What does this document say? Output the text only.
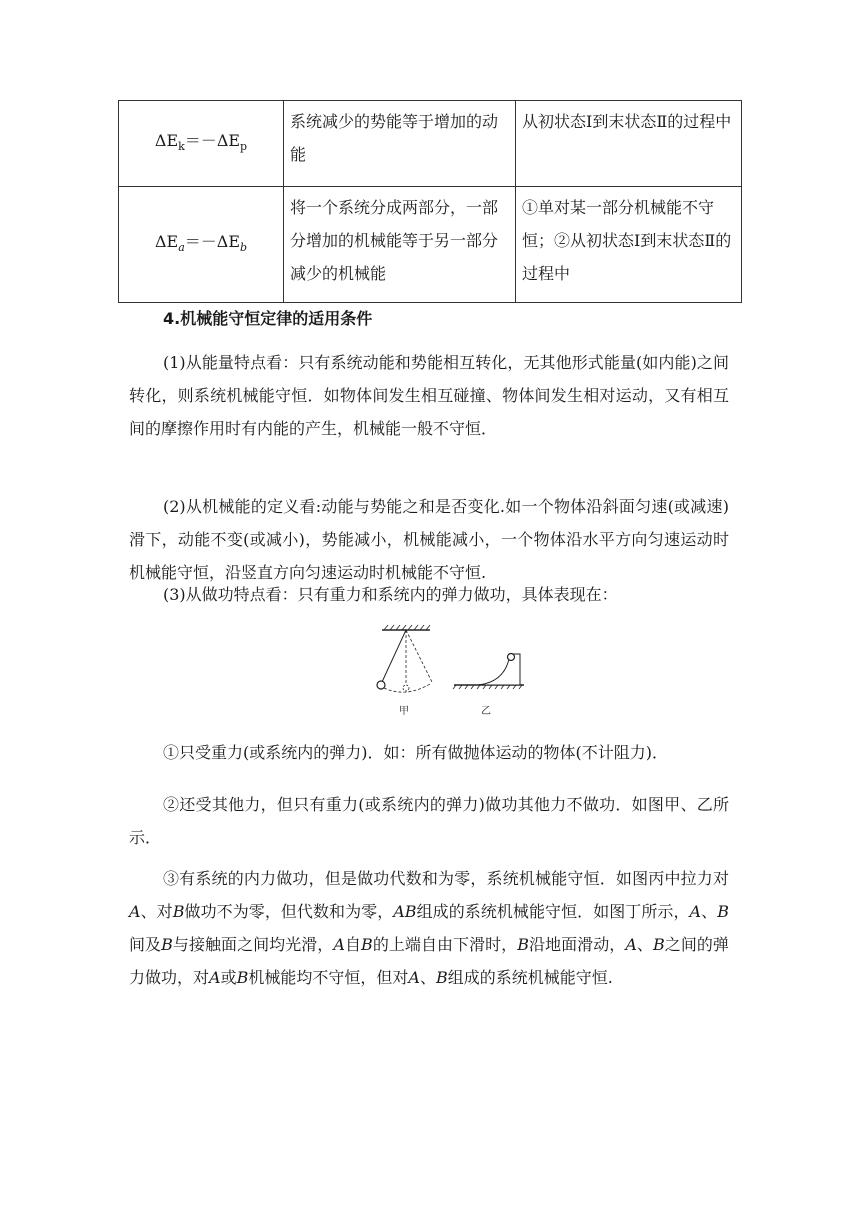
$\Delta E_k=-\Delta E_p$	系统减少的势能等于增加的动能	从初状态Ⅰ到末状态Ⅱ的过程中
$\Delta E_a=-\Delta E_b$	将一个系统分成两部分，一部分增加的机械能等于另一部分减少的机械能	①单对某一部分机械能不守恒；②从初状态Ⅰ到末状态Ⅱ的过程中
4.机械能守恒定律的适用条件

(1)从能量特点看：只有系统动能和势能相互转化，无其他形式能量(如内能)之间转化，则系统机械能守恒．如物体间发生相互碰撞、物体间发生相对运动，又有相互间的摩擦作用时有内能的产生，机械能一般不守恒．

(2)从机械能的定义看:动能与势能之和是否变化.如一个物体沿斜面匀速(或减速)滑下，动能不变(或减小)，势能减小，机械能减小，一个物体沿水平方向匀速运动时机械能守恒，沿竖直方向匀速运动时机械能不守恒.

(3)从做功特点看：只有重力和系统内的弹力做功，具体表现在：

甲	乙

①只受重力(或系统内的弹力)．如：所有做抛体运动的物体(不计阻力)．

②还受其他力，但只有重力(或系统内的弹力)做功其他力不做功．如图甲、乙所示．

③有系统的内力做功，但是做功代数和为零，系统机械能守恒．如图丙中拉力对A、对B做功不为零，但代数和为零，AB组成的系统机械能守恒．如图丁所示，A、B间及B与接触面之间均光滑，A自B的上端自由下滑时，B沿地面滑动，A、B之间的弹力做功，对A或B机械能均不守恒，但对A、B组成的系统机械能守恒.
